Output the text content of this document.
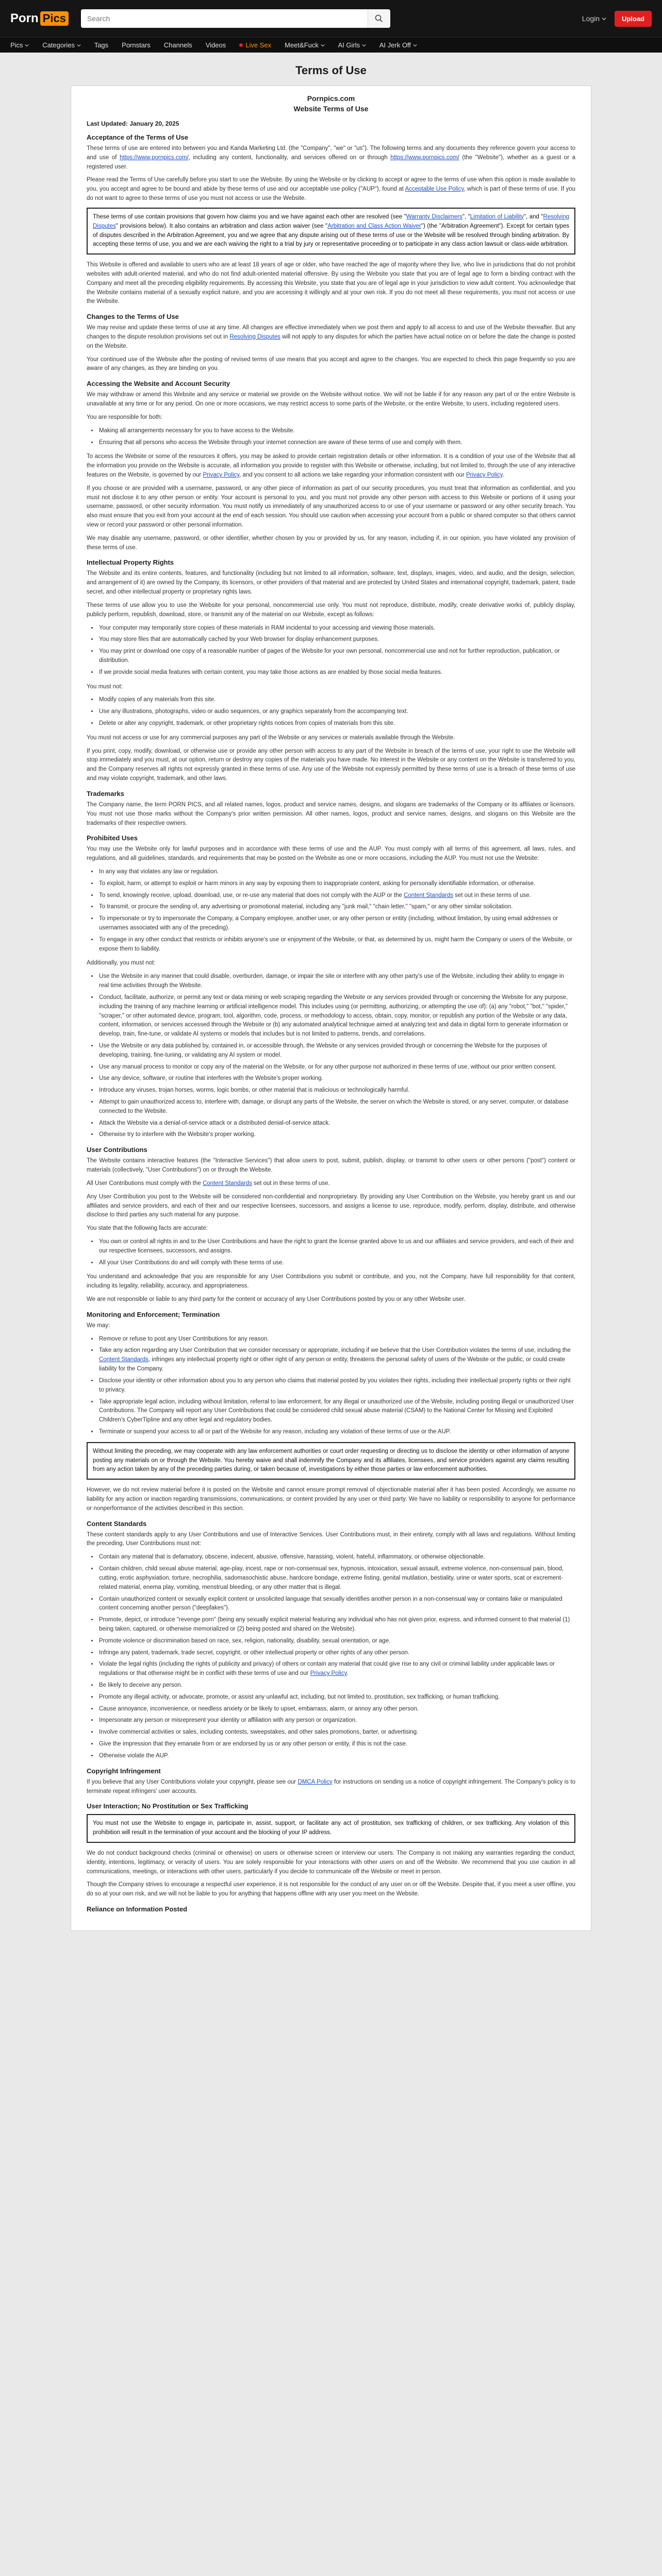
Porn Pics
Search	Login	Upload
Pics	Categories	Tags Pornstars Channels Videos	Live Sex Meet&Fuck	AI Girls	AI Jerk Off
Terms of Use
Pornpics.com
Website Terms of Use
Last Updated: January 20, 2025
Acceptance of the Terms of Use

These terms of use are entered into between you and Kanda Marketing Ltd. (the "Company", "we" or "us"). The following terms and any documents they reference govern your access to and use of https://www.pornpics.com/, including any content, functionality, and services offered on or through https://www.pornpics.com/ (the "Website"), whether as a guest or a registered user.

Please read the Terms of Use carefully before you start to use the Website. By using the Website or by clicking to accept or agree to the terms of use when this option is made available to you, you accept and agree to be bound and abide by these terms of use and our acceptable use policy ("AUP"), found at Acceptable Use Policy, which is part of these terms of use. If you do not want to agree to these terms of use you must not access or use the Website.

These terms of use contain provisions that govern how claims you and we have against each other are resolved (see "Warranty Disclaimers", "Limitation of Liability", and "Resolving Disputes" provisions below). It also contains an arbitration and class action waiver (see "Arbitration and Class Action Waiver") (the "Arbitration Agreement"). Except for certain types of disputes described in the Arbitration Agreement, you and we agree that any dispute arising out of these terms of use or the Website will be resolved through binding arbitration. By accepting these terms of use, you and we are each waiving the right to a trial by jury or representative proceeding or to participate in any class action lawsuit or class-wide arbitration.

This Website is offered and available to users who are at least 18 years of age or older, who have reached the age of majority where they live, who live in jurisdictions that do not prohibit websites with adult-oriented material, and who do not find adult-oriented material offensive. By using the Website you state that you are of legal age to form a binding contract with the Company and meet all the preceding eligibility requirements. By accessing this Website, you state that you are of legal age in your jurisdiction to view adult content. You acknowledge that the Website contains material of a sexually explicit nature, and you are accessing it willingly and at your own risk. If you do not meet all these requirements, you must not access or use the Website.

Changes to the Terms of Use

We may revise and update these terms of use at any time. All changes are effective immediately when we post them and apply to all access to and use of the Website thereafter. But any changes to the dispute resolution provisions set out in Resolving Disputes will not apply to any disputes for which the parties have actual notice on or before the date the change is posted on the Website.

Your continued use of the Website after the posting of revised terms of use means that you accept and agree to the changes. You are expected to check this page frequently so you are aware of any changes, as they are binding on you.

Accessing the Website and Account Security

We may withdraw or amend this Website and any service or material we provide on the Website without notice. We will not be liable if for any reason any part of or the entire Website is unavailable at any time or for any period. On one or more occasions, we may restrict access to some parts of the Website, or the entire Website, to users, including registered users.

You are responsible for both:

• Making all arrangements necessary for you to have access to the Website.
• Ensuring that all persons who access the Website through your internet connection are aware of these terms of use and comply with them.

To access the Website or some of the resources it offers, you may be asked to provide certain registration details or other information. It is a condition of your use of the Website that all the information you provide on the Website is accurate, all information you provide to register with this Website or otherwise, including, but not limited to, through the use of any interactive features on the Website, is governed by our Privacy Policy, and you consent to all actions we take regarding your information consistent with our Privacy Policy.

If you choose or are provided with a username, password, or any other piece of information as part of our security procedures, you must treat that information as confidential, and you must not disclose it to any other person or entity. Your account is personal to you, and you must not provide any other person with access to this Website or portions of it using your username, password, or other security information. You must notify us immediately of any unauthorized access to or use of your username or password or any other security breach. You also must ensure that you exit from your account at the end of each session. You should use caution when accessing your account from a public or shared computer so that others cannot view or record your password or other personal information.

We may disable any username, password, or other identifier, whether chosen by you or provided by us, for any reason, including if, in our opinion, you have violated any provision of these terms of use.

Intellectual Property Rights

The Website and its entire contents, features, and functionality (including but not limited to all information, software, text, displays, images, video, and audio, and the design, selection, and arrangement of it) are owned by the Company, its licensors, or other providers of that material and are protected by United States and international copyright, trademark, patent, trade secret, and other intellectual property or proprietary rights laws.

These terms of use allow you to use the Website for your personal, noncommercial use only. You must not reproduce, distribute, modify, create derivative works of, publicly display, publicly perform, republish, download, store, or transmit any of the material on our Website, except as follows:

• Your computer may temporarily store copies of these materials in RAM incidental to your accessing and viewing those materials.
• You may store files that are automatically cached by your Web browser for display enhancement purposes.
• You may print or download one copy of a reasonable number of pages of the Website for your own personal, noncommercial use and not for further reproduction, publication, or distribution.
• If we provide social media features with certain content, you may take those actions as are enabled by those social media features.

You must not:

• Modify copies of any materials from this site.
• Use any illustrations, photographs, video or audio sequences, or any graphics separately from the accompanying text.
• Delete or alter any copyright, trademark, or other proprietary rights notices from copies of materials from this site.

You must not access or use for any commercial purposes any part of the Website or any services or materials available through the Website.

If you print, copy, modify, download, or otherwise use or provide any other person with access to any part of the Website in breach of the terms of use, your right to use the Website will stop immediately and you must, at our option, return or destroy any copies of the materials you have made. No interest in the Website or any content on the Website is transferred to you, and the Company reserves all rights not expressly granted in these terms of use. Any use of the Website not expressly permitted by these terms of use is a breach of these terms of use and may violate copyright, trademark, and other laws.

Trademarks

The Company name, the term PORN PICS, and all related names, logos, product and service names, designs, and slogans are trademarks of the Company or its affiliates or licensors. You must not use those marks without the Company's prior written permission. All other names, logos, product and service names, designs, and slogans on this Website are the trademarks of their respective owners.

Prohibited Uses

You may use the Website only for lawful purposes and in accordance with these terms of use and the AUP. You must comply with all terms of this agreement, all laws, rules, and regulations, and all guidelines, standards, and requirements that may be posted on the Website as one or more occasions, including the AUP. You must not use the Website:

• In any way that violates any law or regulation.
• To exploit, harm, or attempt to exploit or harm minors in any way by exposing them to inappropriate content, asking for personally identifiable information, or otherwise.
• To send, knowingly receive, upload, download, use, or re-use any material that does not comply with the AUP or the Content Standards set out in these terms of use.
• To transmit, or procure the sending of, any advertising or promotional material, including any "junk mail," "chain letter," "spam," or any other similar solicitation.
• To impersonate or try to impersonate the Company, a Company employee, another user, or any other person or entity (including, without limitation, by using email addresses or usernames associated with any of the preceding).
• To engage in any other conduct that restricts or inhibits anyone's use or enjoyment of the Website, or that, as determined by us, might harm the Company or users of the Website, or expose them to liability.

Additionally, you must not:

• Use the Website in any manner that could disable, overburden, damage, or impair the site or interfere with any other party's use of the Website, including their ability to engage in real time activities through the Website.
• Conduct, facilitate, authorize, or permit any text or data mining or web scraping regarding the Website or any services provided through or concerning the Website for any purpose, including the training of any machine learning or artificial intelligence model. This includes using (or permitting, authorizing, or attempting the use of): (a) any "robot," "bot," "spider," "scraper," or other automated device, program, tool, algorithm, code, process, or methodology to access, obtain, copy, monitor, or republish any portion of the Website or any data, content, information, or services accessed through the Website or (b) any automated analytical technique aimed at analyzing text and data in digital form to generate information or develop, train, fine-tune, or validate AI systems or models that includes but is not limited to patterns, trends, and correlations.
• Use the Website or any data published by, contained in, or accessible through, the Website or any services provided through or concerning the Website for the purposes of developing, training, fine-tuning, or validating any AI system or model.
• Use any manual process to monitor or copy any of the material on the Website, or for any other purpose not authorized in these terms of use, without our prior written consent.
• Use any device, software, or routine that interferes with the Website's proper working.
• Introduce any viruses, trojan horses, worms, logic bombs, or other material that is malicious or technologically harmful.
• Attempt to gain unauthorized access to, interfere with, damage, or disrupt any parts of the Website, the server on which the Website is stored, or any server, computer, or database connected to the Website.
• Attack the Website via a denial-of-service attack or a distributed denial-of-service attack.
• Otherwise try to interfere with the Website's proper working.
User Contributions

The Website contains interactive features (the "Interactive Services") that allow users to post, submit, publish, display, or transmit to other users or other persons ("post") content or materials (collectively, "User Contributions") on or through the Website.

All User Contributions must comply with the Content Standards set out in these terms of use.

Any User Contribution you post to the Website will be considered non-confidential and nonproprietary. By providing any User Contribution on the Website, you hereby grant us and our affiliates and service providers, and each of their and our respective licensees, successors, and assigns a license to use, reproduce, modify, perform, display, distribute, and otherwise disclose to third parties any such material for any purpose.

You state that the following facts are accurate:

• You own or control all rights in and to the User Contributions and have the right to grant the license granted above to us and our affiliates and service providers, and each of their and our respective licensees, successors, and assigns.
• All your User Contributions do and will comply with these terms of use.

You understand and acknowledge that you are responsible for any User Contributions you submit or contribute, and you, not the Company, have full responsibility for that content, including its legality, reliability, accuracy, and appropriateness.

We are not responsible or liable to any third party for the content or accuracy of any User Contributions posted by you or any other Website user.

Monitoring and Enforcement; Termination

We may:

• Remove or refuse to post any User Contributions for any reason.
• Take any action regarding any User Contribution that we consider necessary or appropriate, including if we believe that the User Contribution violates the terms of use, including the Content Standards, infringes any intellectual property right or other right of any person or entity, threatens the personal safety of users of the Website or the public, or could create liability for the Company.
• Disclose your identity or other information about you to any person who claims that material posted by you violates their rights, including their intellectual property rights or their right to privacy.
• Take appropriate legal action, including without limitation, referral to law enforcement, for any illegal or unauthorized use of the Website, including posting illegal or unauthorized User Contributions. The Company will report any User Contributions that could be considered child sexual abuse material (CSAM) to the National Center for Missing and Exploited Children's CyberTipline and any other legal and regulatory bodies.
• Terminate or suspend your access to all or part of the Website for any reason, including any violation of these terms of use or the AUP.

Without limiting the preceding, we may cooperate with any law enforcement authorities or court order requesting or directing us to disclose the identity or other information of anyone posting any materials on or through the Website. You hereby waive and shall indemnify the Company and its affiliates, licensees, and service providers against any claims resulting from any action taken by any of the preceding parties during, or taken because of, investigations by either those parties or law enforcement authorities.

However, we do not review material before it is posted on the Website and cannot ensure prompt removal of objectionable material after it has been posted. Accordingly, we assume no liability for any action or inaction regarding transmissions, communications, or content provided by any user or third party. We have no liability or responsibility to anyone for performance or nonperformance of the activities described in this section.

Content Standards

These content standards apply to any User Contributions and use of Interactive Services. User Contributions must, in their entirety, comply with all laws and regulations. Without limiting the preceding, User Contributions must not:

• Contain any material that is defamatory, obscene, indecent, abusive, offensive, harassing, violent, hateful, inflammatory, or otherwise objectionable.
• Contain children, child sexual abuse material, age-play, incest, rape or non-consensual sex, hypnosis, intoxication, sexual assault, extreme violence, non-consensual pain, blood, cutting, erotic asphyxiation, torture, necrophilia, sadomasochistic abuse, hardcore bondage, extreme fisting, genital mutilation, bestiality, urine or water sports, scat or excrement-related material, enema play, vomiting, menstrual bleeding, or any other matter that is illegal.
• Contain unauthorized content or sexually explicit content or unsolicited language that sexually identifies another person in a non-consensual way or contains fake or manipulated content concerning another person ("deepfakes").
• Promote, depict, or introduce "revenge porn" (being any sexually explicit material featuring any individual who has not given prior, express, and informed consent to that material (1) being taken, captured, or otherwise memorialized or (2) being posted and shared on the Website).
• Promote violence or discrimination based on race, sex, religion, nationality, disability, sexual orientation, or age.
• Infringe any patent, trademark, trade secret, copyright, or other intellectual property or other rights of any other person.
• Violate the legal rights (including the rights of publicity and privacy) of others or contain any material that could give rise to any civil or criminal liability under applicable laws or regulations or that otherwise might be in conflict with these terms of use and our Privacy Policy.
• Be likely to deceive any person.
• Promote any illegal activity, or advocate, promote, or assist any unlawful act, including, but not limited to, prostitution, sex trafficking, or human trafficking.
• Cause annoyance, inconvenience, or needless anxiety or be likely to upset, embarrass, alarm, or annoy any other person.
• Impersonate any person or misrepresent your identity or affiliation with any person or organization.
• Involve commercial activities or sales, including contests, sweepstakes, and other sales promotions, barter, or advertising.
• Give the impression that they emanate from or are endorsed by us or any other person or entity, if this is not the case.
• Otherwise violate the AUP.
Copyright Infringement

If you believe that any User Contributions violate your copyright, please see our DMCA Policy for instructions on sending us a notice of copyright infringement. The Company's policy is to terminate repeat infringers' user accounts.

User Interaction; No Prostitution or Sex Trafficking

You must not use the Website to engage in, participate in, assist, support, or facilitate any act of prostitution, sex trafficking of children, or sex trafficking. Any violation of this prohibition will result in the termination of your account and the blocking of your IP address.

We do not conduct background checks (criminal or otherwise) on users or otherwise screen or interview our users. The Company is not making any warranties regarding the conduct, identity, intentions, legitimacy, or veracity of users. You are solely responsible for your interactions with other users on and off the Website. We recommend that you use caution in all communications, meetings, or interactions with other users, particularly if you decide to communicate off the Website or meet in person.

Though the Company strives to encourage a respectful user experience, it is not responsible for the conduct of any user on or off the Website. Despite that, if you meet a user offline, you do so at your own risk, and we will not be liable to you for anything that happens offline with any user you meet on the Website.

Reliance on Information Posted
